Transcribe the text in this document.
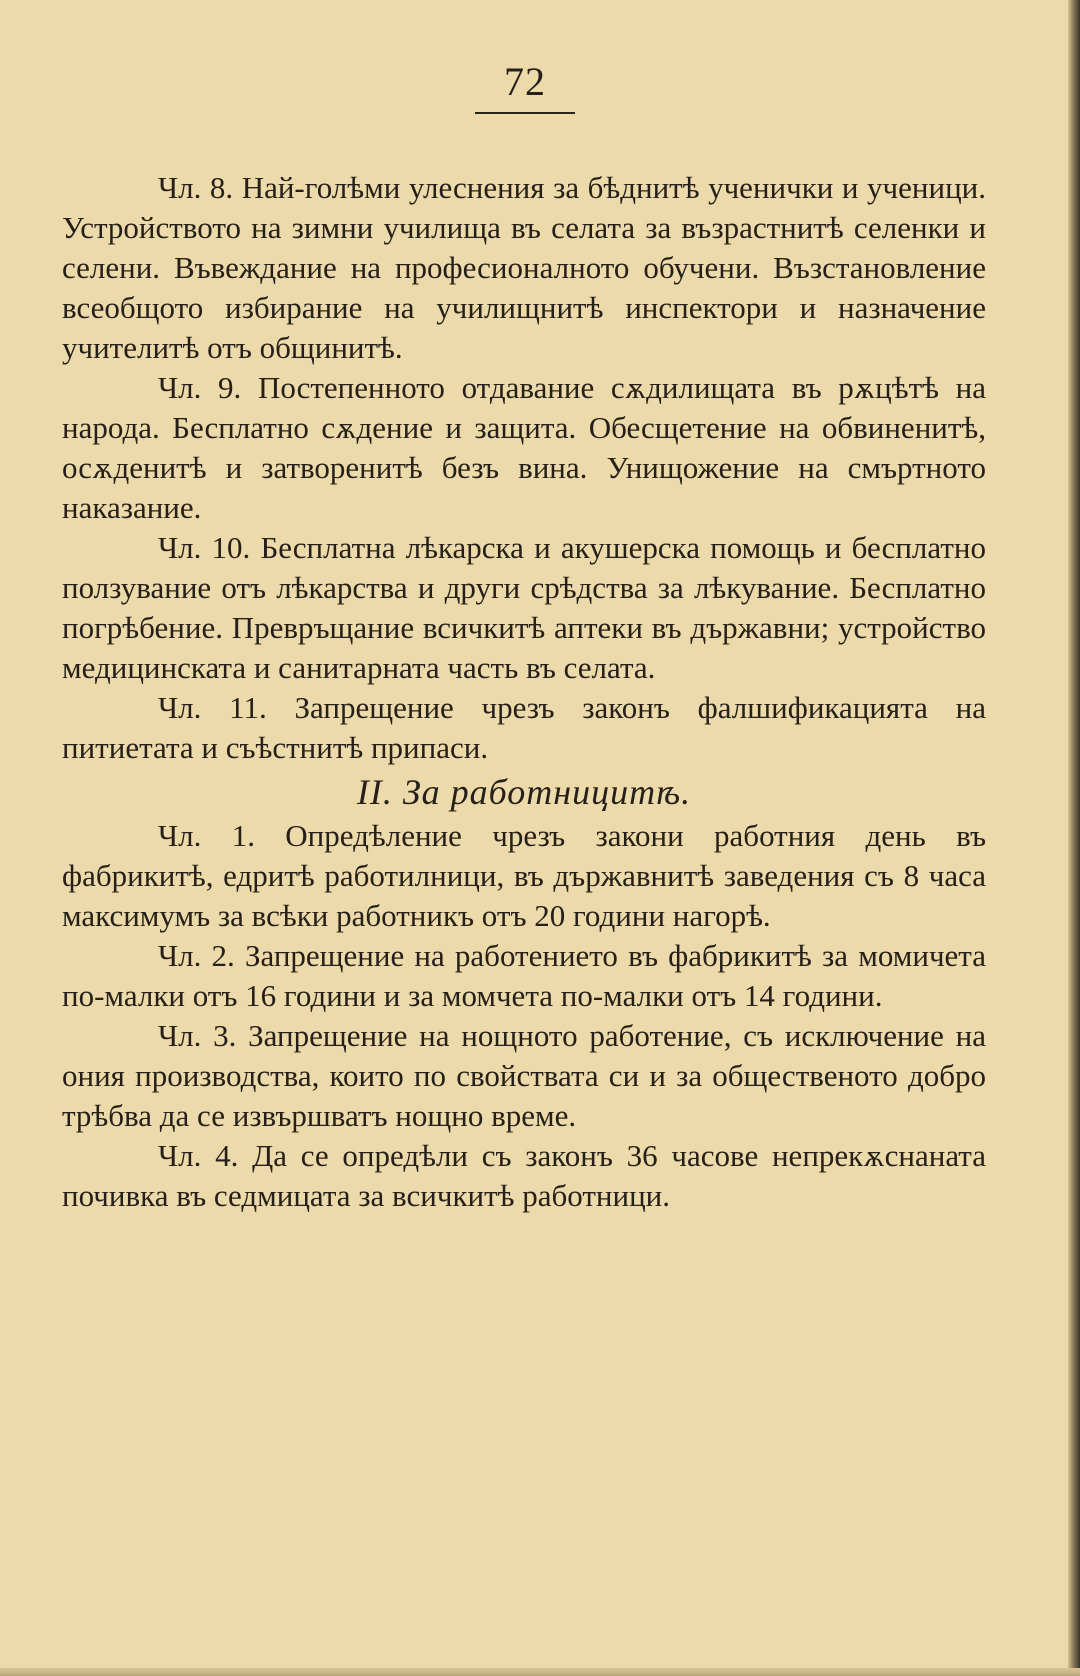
72

Чл. 8. Най-голѣми улеснения за бѣднитѣ ученички и ученици. Устройството на зимни училища въ селата за възрастнитѣ селенки и селени. Въвеждание на професионалното обучени. Възстановление всеобщото избирание на училищнитѣ инспектори и назначение учителитѣ отъ общинитѣ.

Чл. 9. Постепенното отдавание сѫдилищата въ рѫцѣтѣ на народа. Бесплатно сѫдение и защита. Обесщетение на обвиненитѣ, осѫденитѣ и затворенитѣ безъ вина. Унищожение на смъртното наказание.

Чл. 10. Бесплатна лѣкарска и акушерска помощь и бесплатно ползувание отъ лѣкарства и други срѣдства за лѣкувание. Бесплатно погрѣбение. Превръщание всичкитѣ аптеки въ държавни; устройство медицинската и санитарната часть въ селата.

Чл. 11. Запрещение чрезъ законъ фалшификацията на питиетата и съѣстнитѣ припаси.

II. За работницитѣ.

Чл. 1. Опредѣление чрезъ закони работния день въ фабрикитѣ, едритѣ работилници, въ държавнитѣ заведения съ 8 часа максимумъ за всѣки работникъ отъ 20 години нагорѣ.

Чл. 2. Запрещение на работението въ фабрикитѣ за момичета по-малки отъ 16 години и за момчета по-малки отъ 14 години.

Чл. 3. Запрещение на нощното работение, съ исключение на ония производства, които по свойствата си и за общественото добро трѣбва да се извършватъ нощно време.

Чл. 4. Да се опредѣли съ законъ 36 часове непрекѫснаната почивка въ седмицата за всичкитѣ работници.
